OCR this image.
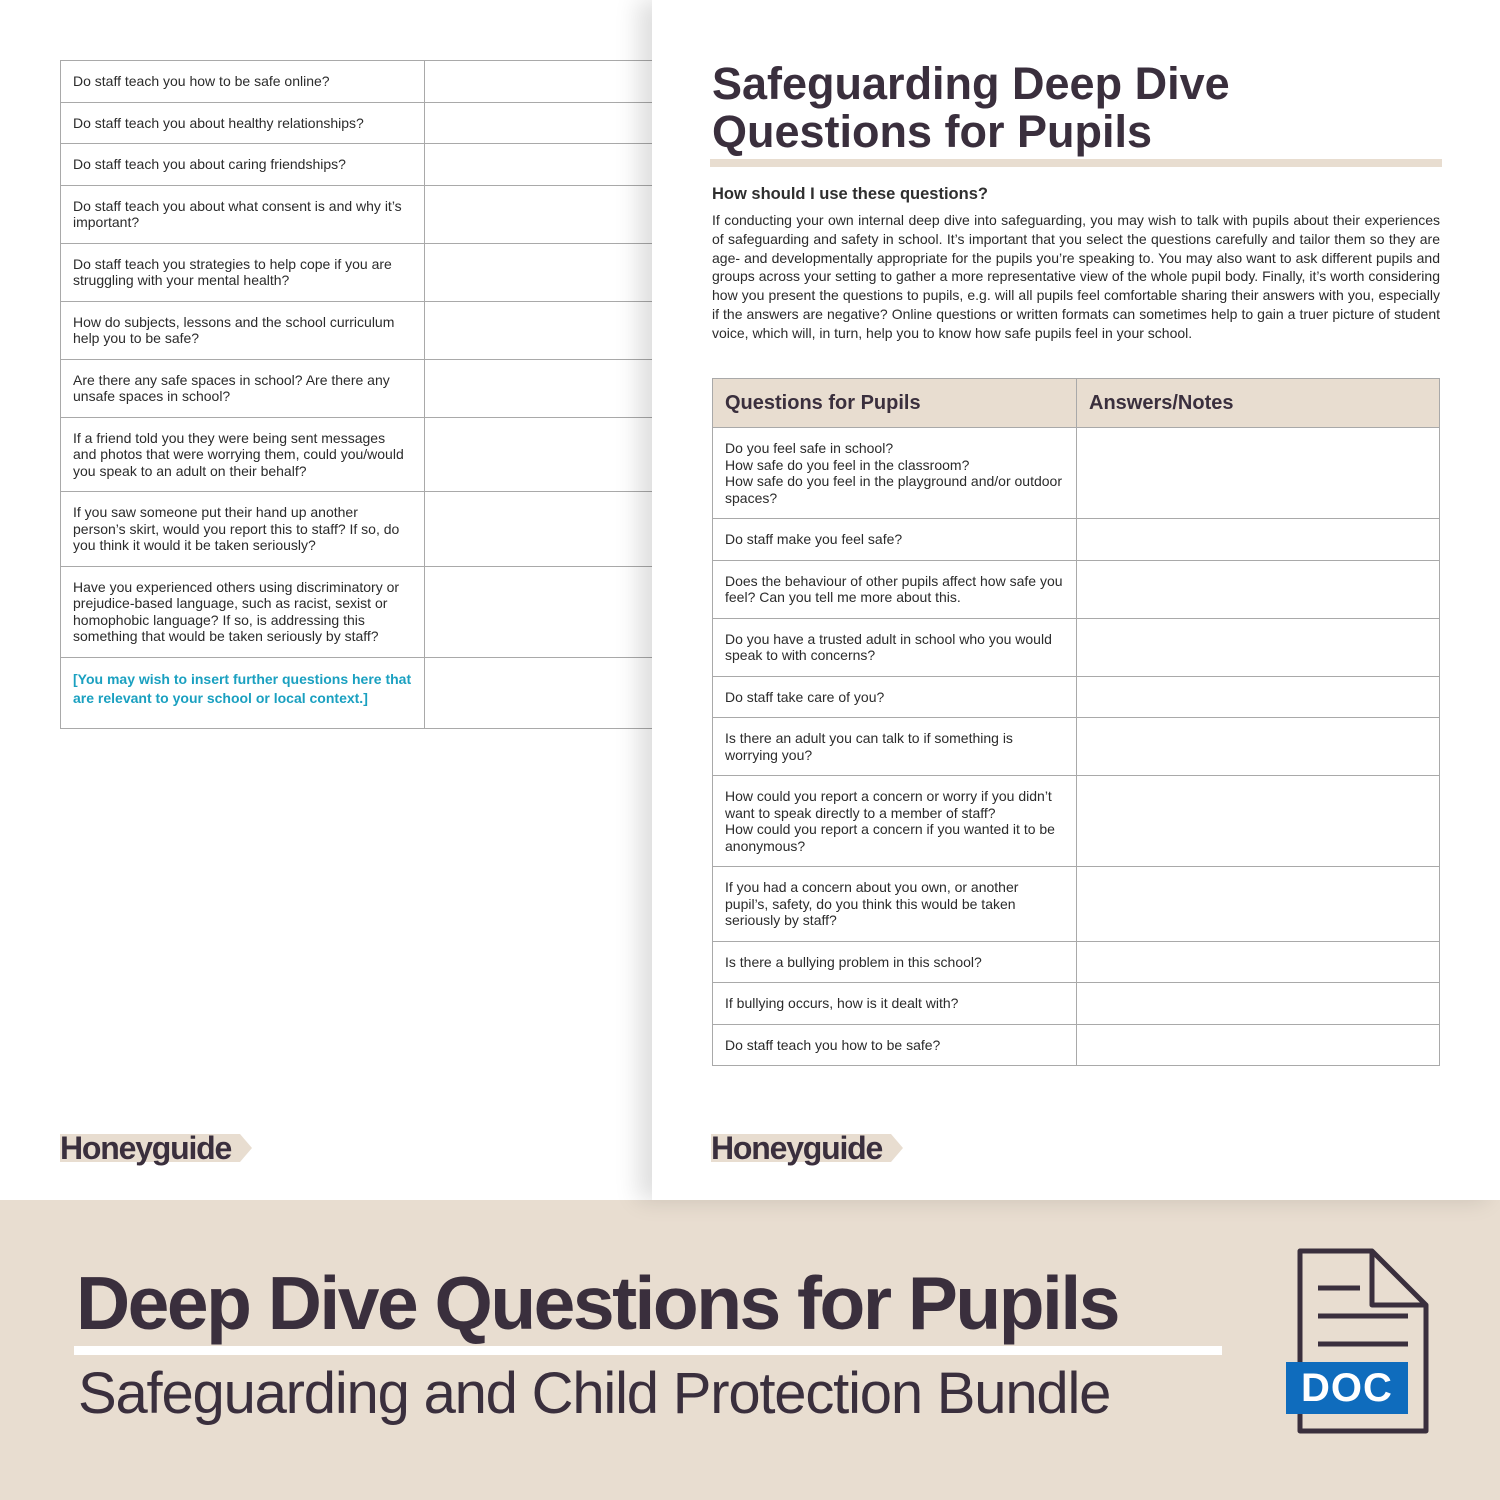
Do staff teach you how to be safe online?	
Do staff teach you about healthy relationships?	
Do staff teach you about caring friendships?	
Do staff teach you about what consent is and why it’s important?	
Do staff teach you strategies to help cope if you are struggling with your mental health?	
How do subjects, lessons and the school curriculum help you to be safe?	
Are there any safe spaces in school? Are there any unsafe spaces in school?	
If a friend told you they were being sent messages and photos that were worrying them, could you/would you speak to an adult on their behalf?	
If you saw someone put their hand up another person’s skirt, would you report this to staff? If so, do you think it would it be taken seriously?	
Have you experienced others using discriminatory or prejudice-based language, such as racist, sexist or homophobic language? If so, is addressing this something that would be taken seriously by staff?	
[You may wish to insert further questions here that are relevant to your school or local context.]	
Honeyguide
Safeguarding Deep Dive Questions for Pupils
How should I use these questions?
If conducting your own internal deep dive into safeguarding, you may wish to talk with pupils about their experiences of safeguarding and safety in school. It’s important that you select the questions carefully and tailor them so they are age- and developmentally appropriate for the pupils you’re speaking to. You may also want to ask different pupils and groups across your setting to gather a more representative view of the whole pupil body. Finally, it’s worth considering how you present the questions to pupils, e.g. will all pupils feel comfortable sharing their answers with you, especially if the answers are negative? Online questions or written formats can sometimes help to gain a truer picture of student voice, which will, in turn, help you to know how safe pupils feel in your school.
Questions for Pupils	Answers/Notes

Do you feel safe in school?
How safe do you feel in the classroom?
How safe do you feel in the playground and/or outdoor spaces?	

Do staff make you feel safe?	

Does the behaviour of other pupils affect how safe you feel? Can you tell me more about this.	

Do you have a trusted adult in school who you would speak to with concerns?	

Do staff take care of you?	

Is there an adult you can talk to if something is worrying you?	

How could you report a concern or worry if you didn’t want to speak directly to a member of staff?
How could you report a concern if you wanted it to be anonymous?	

If you had a concern about you own, or another pupil’s, safety, do you think this would be taken seriously by staff?	

Is there a bullying problem in this school?	

If bullying occurs, how is it dealt with?	

Do staff teach you how to be safe?	

Honeyguide
Deep Dive Questions for Pupils
Safeguarding and Child Protection Bundle	DOC
